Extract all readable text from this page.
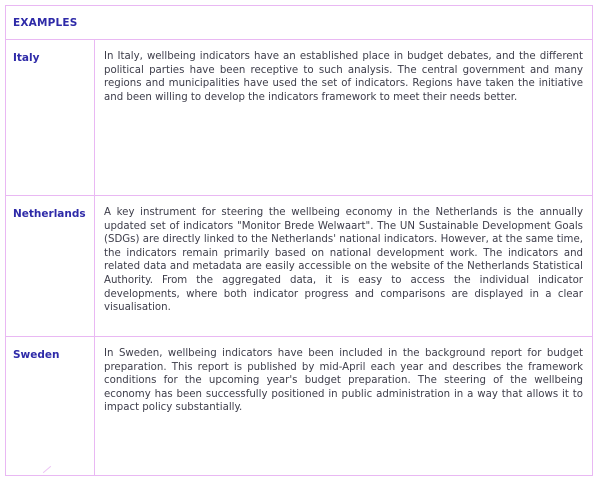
EXAMPLES
Italy	In Italy, wellbeing indicators have an established place in budget debates, and the different political parties have been receptive to such analysis. The central government and many regions and municipalities have used the set of indicators. Regions have taken the initiative and been willing to develop the indicators framework to meet their needs better.
Netherlands	A key instrument for steering the wellbeing economy in the Netherlands is the annually updated set of indicators "Monitor Brede Welwaart". The UN Sustainable Development Goals (SDGs) are directly linked to the Netherlands' national indicators. However, at the same time, the indicators remain primarily based on national development work. The indicators and related data and metadata are easily accessible on the website of the Netherlands Statistical Authority. From the aggregated data, it is easy to access the individual indicator developments, where both indicator progress and comparisons are displayed in a clear visualisation.
Sweden	In Sweden, wellbeing indicators have been included in the background report for budget preparation. This report is published by mid-April each year and describes the framework conditions for the upcoming year's budget preparation. The steering of the wellbeing economy has been successfully positioned in public administration in a way that allows it to impact policy substantially.
